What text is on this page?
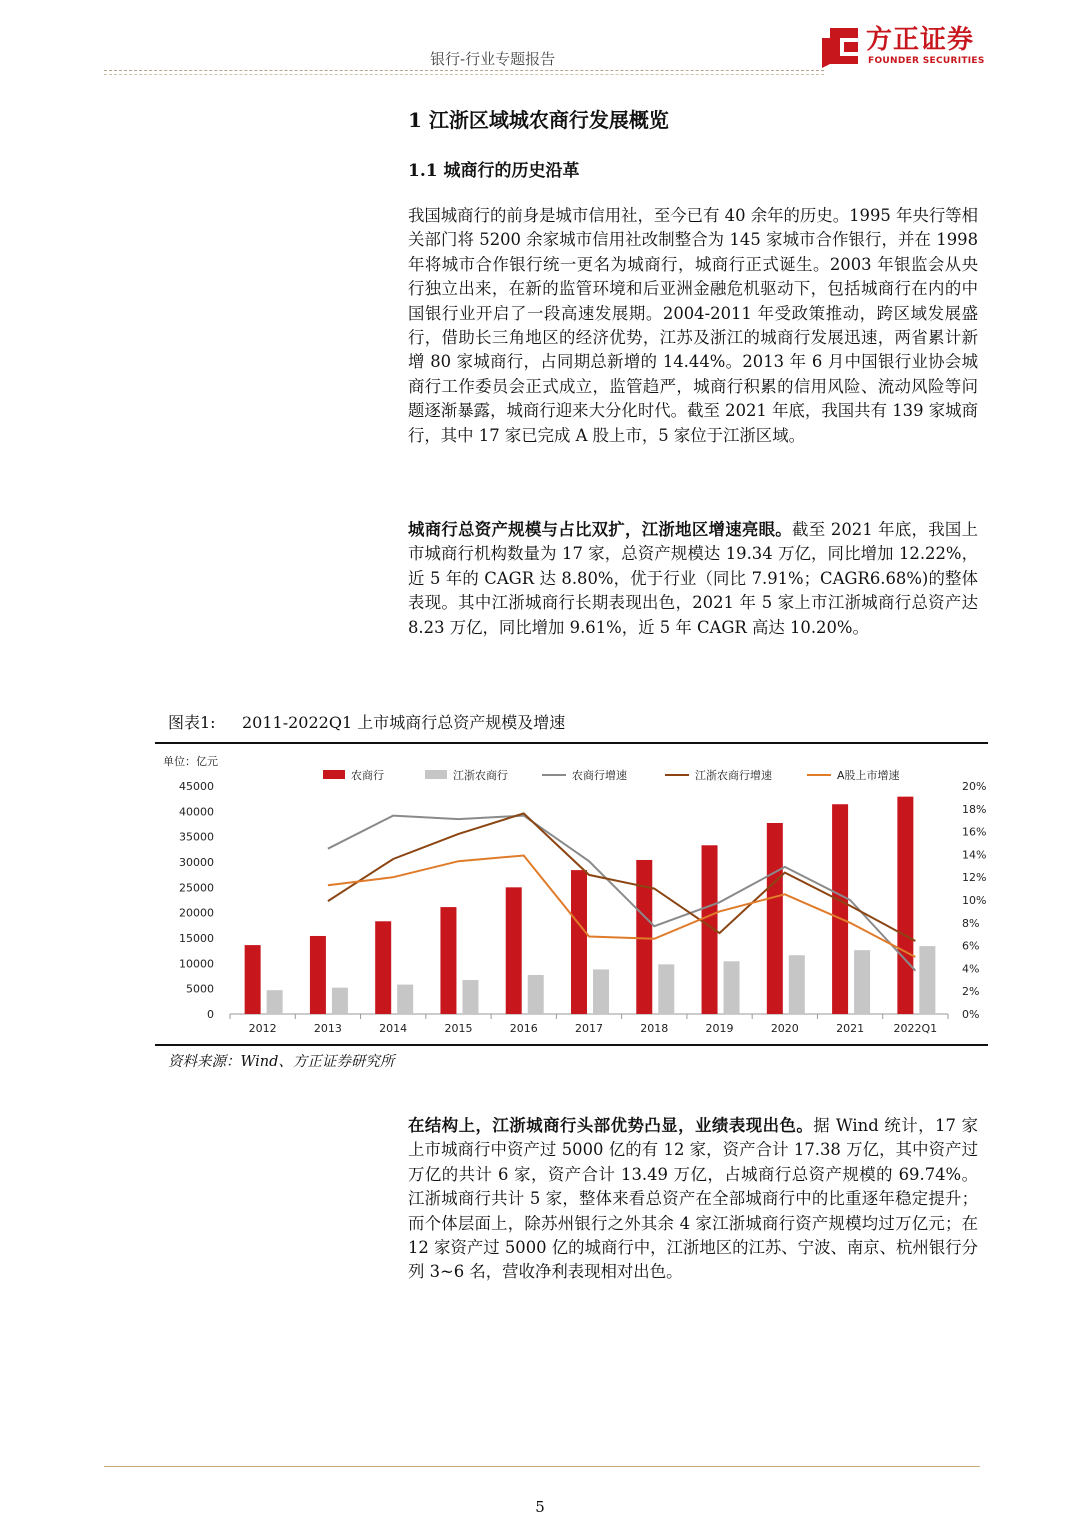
银行-行业专题报告
方正证券
FOUNDER SECURITIES
1 江浙区域城农商行发展概览
1.1 城商行的历史沿革
我国城商行的前身是城市信用社，至今已有 40 余年的历史。1995 年央行等相关部门将 5200 余家城市信用社改制整合为 145 家城市合作银行，并在 1998 年将城市合作银行统一更名为城商行，城商行正式诞生。2003 年银监会从央行独立出来，在新的监管环境和后亚洲金融危机驱动下，包括城商行在内的中国银行业开启了一段高速发展期。2004-2011 年受政策推动，跨区域发展盛行，借助长三角地区的经济优势，江苏及浙江的城商行发展迅速，两省累计新增 80 家城商行，占同期总新增的 14.44%。2013 年 6 月中国银行业协会城商行工作委员会正式成立，监管趋严，城商行积累的信用风险、流动风险等问题逐渐暴露，城商行迎来大分化时代。截至 2021 年底，我国共有 139 家城商行，其中 17 家已完成 A 股上市，5 家位于江浙区域。
城商行总资产规模与占比双扩，江浙地区增速亮眼。截至 2021 年底，我国上市城商行机构数量为 17 家，总资产规模达 19.34 万亿，同比增加 12.22%，近 5 年的 CAGR 达 8.80%，优于行业（同比 7.91%；CAGR6.68%)的整体表现。其中江浙城商行长期表现出色，2021 年 5 家上市江浙城商行总资产达 8.23 万亿，同比增加 9.61%，近 5 年 CAGR 高达 10.20%。
图表1: 2011-2022Q1 上市城商行总资产规模及增速
单位：亿元
农商行	江浙农商行	农商行增速	江浙农商行增速	A股上市增速
45000
40000
35000
30000
25000
20000
15000
10000
5000
0
20%
18%
16%
14%
12%
10%
8%
6%
4%
2%
0%
2012	2013	2014	2015	2016	2017	2018	2019	2020	2021	2022Q1
资料来源：Wind、方正证券研究所
在结构上，江浙城商行头部优势凸显，业绩表现出色。据 Wind 统计，17 家上市城商行中资产过 5000 亿的有 12 家，资产合计 17.38 万亿，其中资产过万亿的共计 6 家，资产合计 13.49 万亿，占城商行总资产规模的 69.74%。江浙城商行共计 5 家，整体来看总资产在全部城商行中的比重逐年稳定提升；而个体层面上，除苏州银行之外其余 4 家江浙城商行资产规模均过万亿元；在 12 家资产过 5000 亿的城商行中，江浙地区的江苏、宁波、南京、杭州银行分列 3~6 名，营收净利表现相对出色。
5
